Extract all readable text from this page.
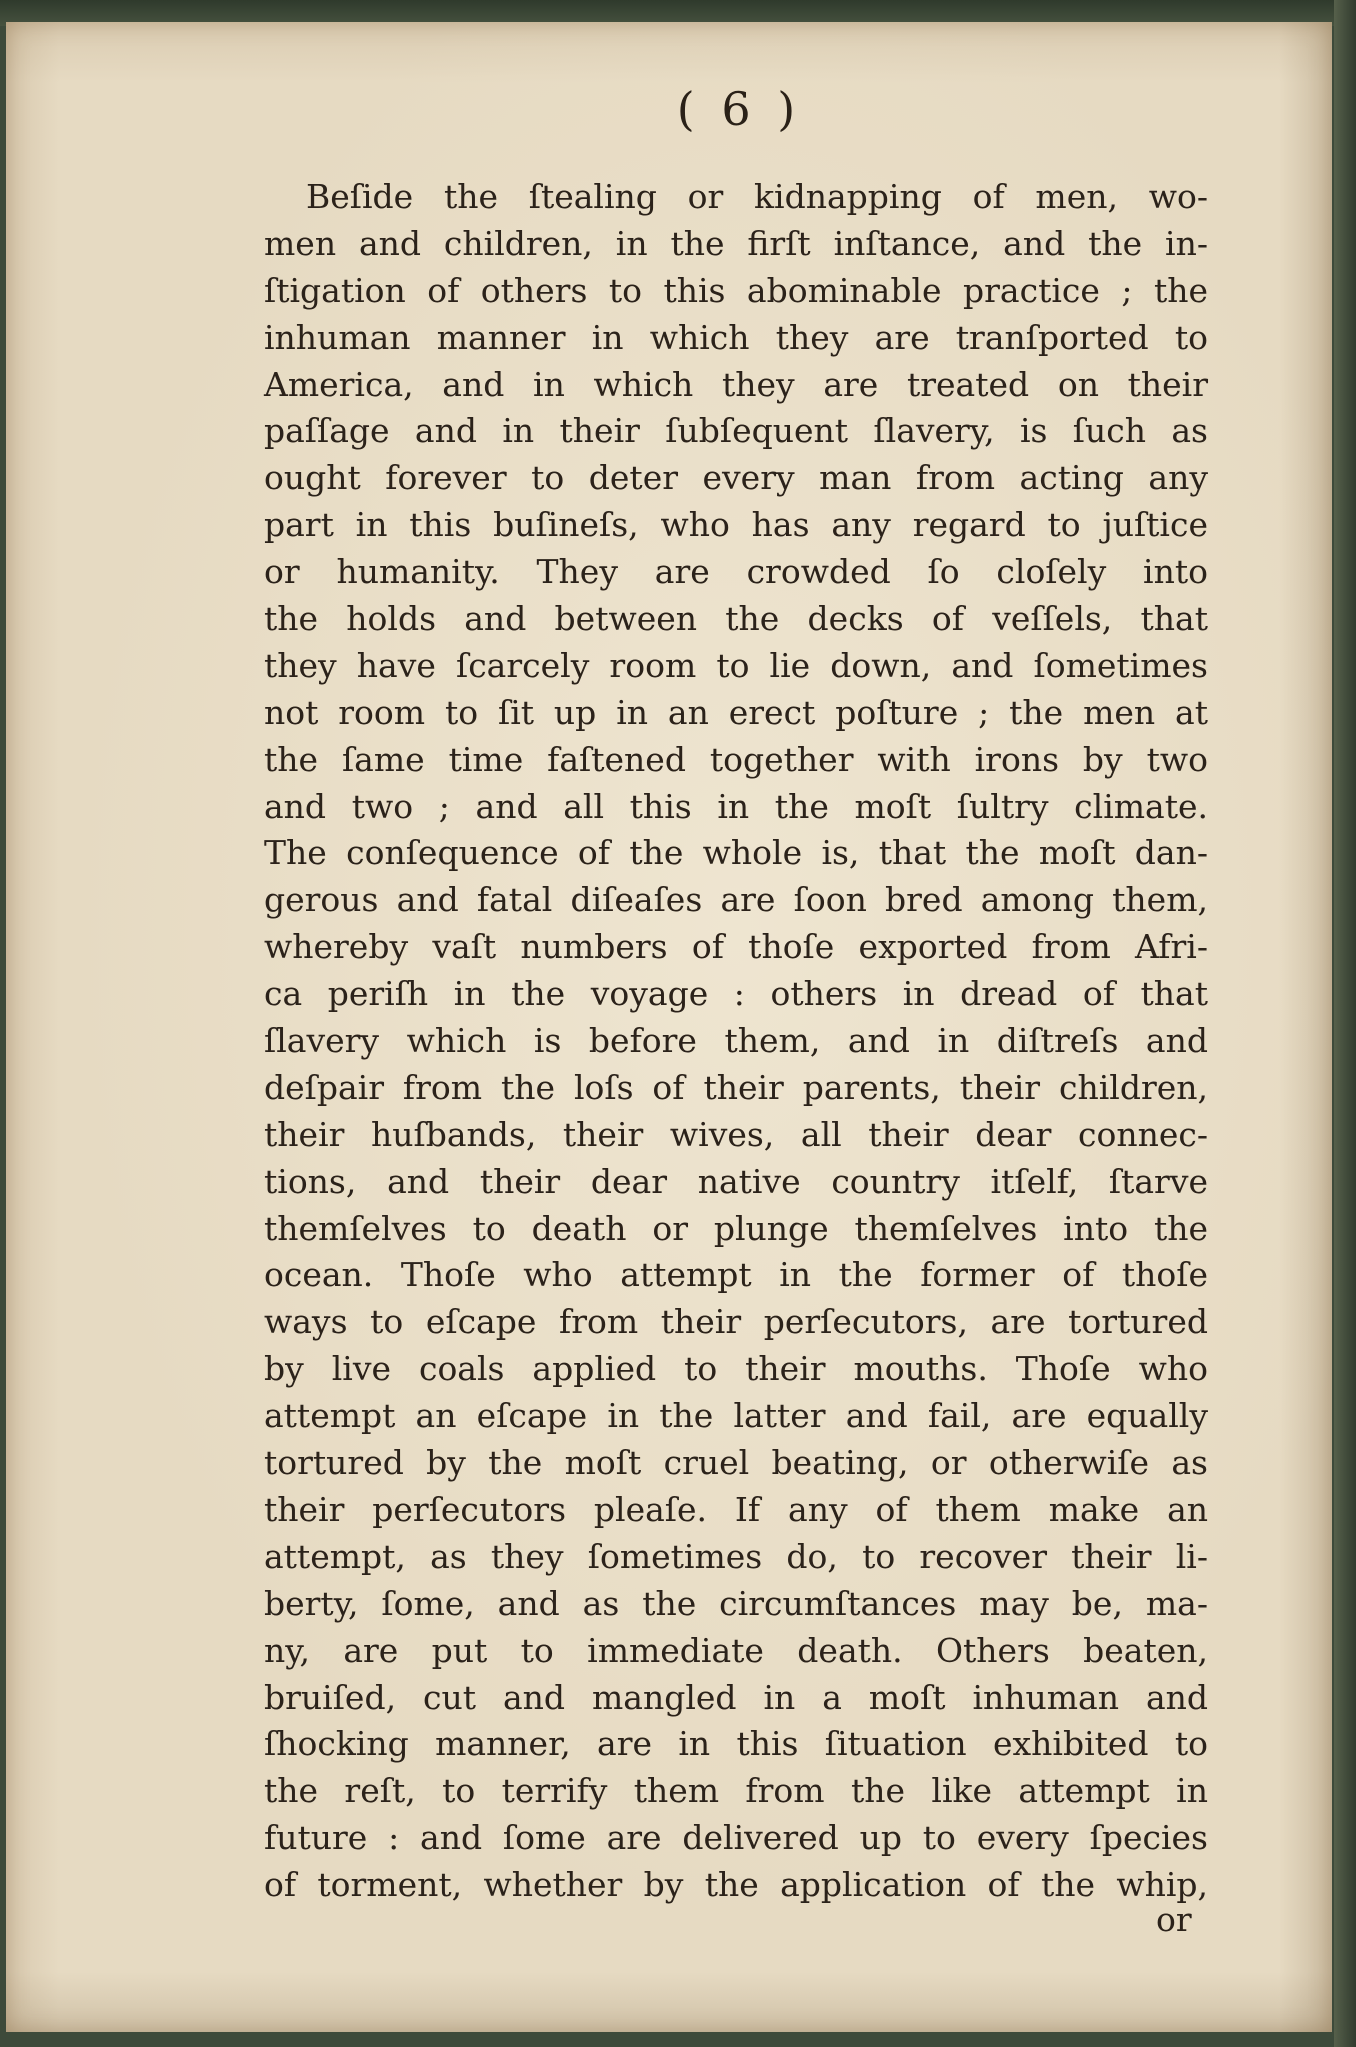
( 6 )
Beſide the ſtealing or kidnapping of men, wo-
men and children, in the firſt inſtance, and the in-
ſtigation of others to this abominable practice ; the
inhuman manner in which they are tranſported to
America, and in which they are treated on their
paſſage and in their ſubſequent ſlavery, is ſuch as
ought forever to deter every man from acting any
part in this buſineſs, who has any regard to juſtice
or humanity. They are crowded ſo cloſely into
the holds and between the decks of veſſels, that
they have ſcarcely room to lie down, and ſometimes
not room to ſit up in an erect poſture ; the men at
the ſame time faſtened together with irons by two
and two ; and all this in the moſt ſultry climate.
The conſequence of the whole is, that the moſt dan-
gerous and fatal diſeaſes are ſoon bred among them,
whereby vaſt numbers of thoſe exported from Afri-
ca periſh in the voyage : others in dread of that
ſlavery which is before them, and in diſtreſs and
deſpair from the loſs of their parents, their children,
their huſbands, their wives, all their dear connec-
tions, and their dear native country itſelf, ſtarve
themſelves to death or plunge themſelves into the
ocean. Thoſe who attempt in the former of thoſe
ways to eſcape from their perſecutors, are tortured
by live coals applied to their mouths. Thoſe who
attempt an eſcape in the latter and fail, are equally
tortured by the moſt cruel beating, or otherwiſe as
their perſecutors pleaſe. If any of them make an
attempt, as they ſometimes do, to recover their li-
berty, ſome, and as the circumſtances may be, ma-
ny, are put to immediate death. Others beaten,
bruiſed, cut and mangled in a moſt inhuman and
ſhocking manner, are in this ſituation exhibited to
the reſt, to terrify them from the like attempt in
future : and ſome are delivered up to every ſpecies
of torment, whether by the application of the whip,
or
